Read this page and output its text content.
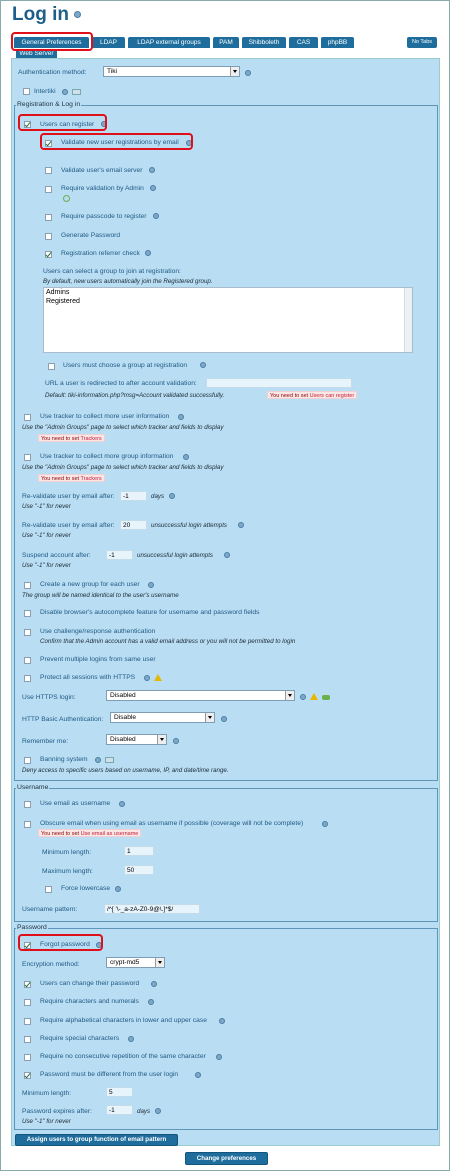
Log in
General Preferences	LDAP	LDAP external groups	PAM	Shibboleth	CAS	phpBB
Web Server
No Tabs
Authentication method:	Tiki
Intertiki
Registration & Log in
Users can register
Validate new user registrations by email
Validate user's email server
Require validation by Admin
Require passcode to register
Generate Password
Registration referrer check
Users can select a group to join at registration:
By default, new users automatically join the Registered group.
Admins
Registered
Users must choose a group at registration
URL a user is redirected to after account validation:
Default: tiki-information.php?msg=Account validated successfully.	You need to set Users can register
Use tracker to collect more user information
Use the "Admin Groups" page to select which tracker and fields to display
You need to set Trackers
Use tracker to collect more group information
Use the "Admin Groups" page to select which tracker and fields to display
You need to set Trackers
Re-validate user by email after:	-1	days
Use "-1" for never
Re-validate user by email after:	20	unsuccessful login attempts
Use "-1" for never
Suspend account after:	-1	unsuccessful login attempts
Use "-1" for never
Create a new group for each user
The group will be named identical to the user's username
Disable browser's autocomplete feature for username and password fields
Use challenge/response authentication
Confirm that the Admin account has a valid email address or you will not be permitted to login
Prevent multiple logins from same user
Protect all sessions with HTTPS
Use HTTPS login:	Disabled
HTTP Basic Authentication:	Disable
Remember me:	Disabled
Banning system
Deny access to specific users based on username, IP, and date/time range.
Username
Use email as username
Obscure email when using email as username if possible (coverage will not be complete)
You need to set Use email as username
Minimum length:	1
Maximum length:	50
Force lowercase
Username pattern:	/^[ '\-_a-zA-Z0-9@\.]*$/
Password
Forgot password
Encryption method:	crypt-md5
Users can change their password
Require characters and numerals
Require alphabetical characters in lower and upper case
Require special characters
Require no consecutive repetition of the same character
Password must be different from the user login
Minimum length:	5
Password expires after:	-1	days
Use "-1" for never
Assign users to group function of email pattern
Change preferences
